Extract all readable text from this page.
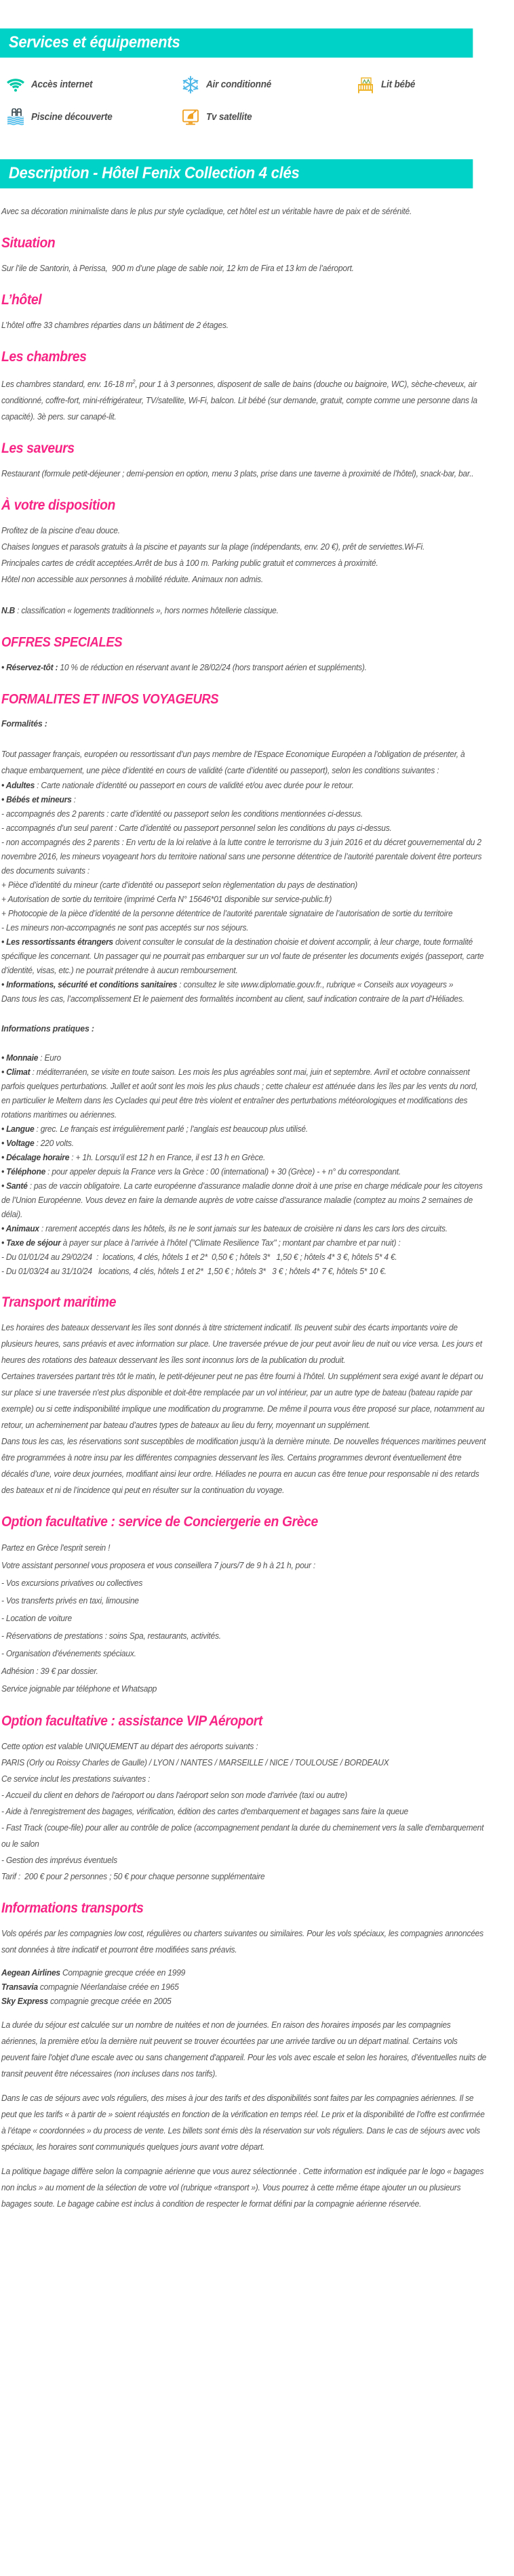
Services et équipements
Accès internet	Air conditionné	Lit bébé
Piscine découverte	Tv satellite
Description - Hôtel Fenix Collection 4 clés

Avec sa décoration minimaliste dans le plus pur style cycladique, cet hôtel est un véritable havre de paix et de sérénité.

Situation

Sur l’ile de Santorin, à Perissa,  900 m d’une plage de sable noir, 12 km de Fira et 13 km de l’aéroport.

L’hôtel

L’hôtel offre 33 chambres réparties dans un bâtiment de 2 étages.

Les chambres

Les chambres standard, env. 16-18 $m^2$, pour 1 à 3 personnes, disposent de salle de bains (douche ou baignoire, WC), sèche-cheveux, air conditionné, coffre-fort, mini-réfrigérateur, TV/satellite, Wi-Fi, balcon. Lit bébé (sur demande, gratuit, compte comme une personne dans la capacité). 3è pers. sur canapé-lit.

Les saveurs

Restaurant (formule petit-déjeuner ; demi-pension en option, menu 3 plats, prise dans une taverne à proximité de l’hôtel), snack-bar, bar..

À votre disposition

Profitez de la piscine d’eau douce.

Chaises longues et parasols gratuits à la piscine et payants sur la plage (indépendants, env. 20 €), prêt de serviettes.Wi-Fi.

Principales cartes de crédit acceptées.Arrêt de bus à 100 m. Parking public gratuit et commerces à proximité.

Hôtel non accessible aux personnes à mobilité réduite. Animaux non admis.

N.B : classification « logements traditionnels », hors normes hôtellerie classique.

OFFRES SPECIALES

• Réservez-tôt : 10 % de réduction en réservant avant le 28/02/24 (hors transport aérien et suppléments).

FORMALITES ET INFOS VOYAGEURS
Formalités :

Tout passager français, européen ou ressortissant d’un pays membre de l’Espace Economique Européen a l’obligation de présenter, à chaque embarquement, une pièce d’identité en cours de validité (carte d’identité ou passeport), selon les conditions suivantes :

• Adultes : Carte nationale d’identité ou passeport en cours de validité et/ou avec durée pour le retour.

• Bébés et mineurs :

- accompagnés des 2 parents : carte d’identité ou passeport selon les conditions mentionnées ci-dessus.

- accompagnés d’un seul parent : Carte d’identité ou passeport personnel selon les conditions du pays ci-dessus.

- non accompagnés des 2 parents : En vertu de la loi relative à la lutte contre le terrorisme du 3 juin 2016 et du décret gouvernemental du 2 novembre 2016, les mineurs voyageant hors du territoire national sans une personne détentrice de l’autorité parentale doivent être porteurs des documents suivants :

+ Pièce d’identité du mineur (carte d’identité ou passeport selon règlementation du pays de destination)

+ Autorisation de sortie du territoire (imprimé Cerfa N° 15646*01 disponible sur service-public.fr)

+ Photocopie de la pièce d’identité de la personne détentrice de l’autorité parentale signataire de l’autorisation de sortie du territoire

- Les mineurs non-accompagnés ne sont pas acceptés sur nos séjours.

• Les ressortissants étrangers doivent consulter le consulat de la destination choisie et doivent accomplir, à leur charge, toute formalité spécifique les concernant. Un passager qui ne pourrait pas embarquer sur un vol faute de présenter les documents exigés (passeport, carte d’identité, visas, etc.) ne pourrait prétendre à aucun remboursement.

• Informations, sécurité et conditions sanitaires : consultez le site www.diplomatie.gouv.fr., rubrique « Conseils aux voyageurs »

Dans tous les cas, l’accomplissement Et le paiement des formalités incombent au client, sauf indication contraire de la part d’Héliades.

Informations pratiques :

• Monnaie : Euro

• Climat : méditerranéen, se visite en toute saison. Les mois les plus agréables sont mai, juin et septembre. Avril et octobre connaissent parfois quelques perturbations. Juillet et août sont les mois les plus chauds ; cette chaleur est atténuée dans les îles par les vents du nord, en particulier le Meltem dans les Cyclades qui peut être très violent et entraîner des perturbations météorologiques et modifications des rotations maritimes ou aériennes.

• Langue : grec. Le français est irrégulièrement parlé ; l’anglais est beaucoup plus utilisé.

• Voltage : 220 volts.

• Décalage horaire : + 1h. Lorsqu’il est 12 h en France, il est 13 h en Grèce.

• Téléphone : pour appeler depuis la France vers la Grèce : 00 (international) + 30 (Grèce) - + n° du correspondant.

• Santé : pas de vaccin obligatoire. La carte européenne d’assurance maladie donne droit à une prise en charge médicale pour les citoyens de l’Union Européenne. Vous devez en faire la demande auprès de votre caisse d’assurance maladie (comptez au moins 2 semaines de délai).

• Animaux : rarement acceptés dans les hôtels, ils ne le sont jamais sur les bateaux de croisière ni dans les cars lors des circuits.

• Taxe de séjour à payer sur place à l’arrivée à l’hôtel ("Climate Resilience Tax" ; montant par chambre et par nuit) :

- Du 01/01/24 au 29/02/24  :  locations, 4 clés, hôtels 1 et 2*  0,50 € ; hôtels 3*   1,50 € ; hôtels 4* 3 €, hôtels 5* 4 €.

- Du 01/03/24 au 31/10/24   locations, 4 clés, hôtels 1 et 2*  1,50 € ; hôtels 3*   3 € ; hôtels 4* 7 €, hôtels 5* 10 €.

Transport maritime

Les horaires des bateaux desservant les îles sont donnés à titre strictement indicatif. Ils peuvent subir des écarts importants voire de plusieurs heures, sans préavis et avec information sur place. Une traversée prévue de jour peut avoir lieu de nuit ou vice versa. Les jours et heures des rotations des bateaux desservant les îles sont inconnus lors de la publication du produit.

Certaines traversées partant très tôt le matin, le petit-déjeuner peut ne pas être fourni à l’hôtel. Un supplément sera exigé avant le départ ou sur place si une traversée n'est plus disponible et doit-être remplacée par un vol intérieur, par un autre type de bateau (bateau rapide par exemple) ou si cette indisponibilité implique une modification du programme. De même il pourra vous être proposé sur place, notamment au retour, un acheminement par bateau d’autres types de bateaux au lieu du ferry, moyennant un supplément.

Dans tous les cas, les réservations sont susceptibles de modification jusqu’à la dernière minute. De nouvelles fréquences maritimes peuvent être programmées à notre insu par les différentes compagnies desservant les îles. Certains programmes devront éventuellement être décalés d’une, voire deux journées, modifiant ainsi leur ordre. Héliades ne pourra en aucun cas être tenue pour responsable ni des retards des bateaux et ni de l’incidence qui peut en résulter sur la continuation du voyage.

Option facultative : service de Conciergerie en Grèce

Partez en Grèce l'esprit serein !

Votre assistant personnel vous proposera et vous conseillera 7 jours/7 de 9 h à 21 h, pour :

- Vos excursions privatives ou collectives

- Vos transferts privés en taxi, limousine

- Location de voiture

- Réservations de prestations : soins Spa, restaurants, activités.

- Organisation d'événements spéciaux.

Adhésion : 39 € par dossier.

Service joignable par téléphone et Whatsapp

Option facultative : assistance VIP Aéroport

Cette option est valable UNIQUEMENT au départ des aéroports suivants :

PARIS (Orly ou Roissy Charles de Gaulle) / LYON / NANTES / MARSEILLE / NICE / TOULOUSE / BORDEAUX

Ce service inclut les prestations suivantes :

- Accueil du client en dehors de l'aéroport ou dans l'aéroport selon son mode d'arrivée (taxi ou autre)

- Aide à l'enregistrement des bagages, vérification, édition des cartes d'embarquement et bagages sans faire la queue

- Fast Track (coupe-file) pour aller au contrôle de police (accompagnement pendant la durée du cheminement vers la salle d'embarquement ou le salon

- Gestion des imprévus éventuels

Tarif :  200 € pour 2 personnes ; 50 € pour chaque personne supplémentaire

Informations transports

Vols opérés par les compagnies low cost, régulières ou charters suivantes ou similaires. Pour les vols spéciaux, les compagnies annoncées sont données à titre indicatif et pourront être modifiées sans préavis.

Aegean Airlines Compagnie grecque créée en 1999

Transavia compagnie Néerlandaise créée en 1965

Sky Express compagnie grecque créée en 2005

La durée du séjour est calculée sur un nombre de nuitées et non de journées. En raison des horaires imposés par les compagnies aériennes, la première et/ou la dernière nuit peuvent se trouver écourtées par une arrivée tardive ou un départ matinal. Certains vols peuvent faire l'objet d'une escale avec ou sans changement d'appareil. Pour les vols avec escale et selon les horaires, d’éventuelles nuits de transit peuvent être nécessaires (non incluses dans nos tarifs).

Dans le cas de séjours avec vols réguliers, des mises à jour des tarifs et des disponibilités sont faites par les compagnies aériennes. Il se peut que les tarifs « à partir de » soient réajustés en fonction de la vérification en temps réel. Le prix et la disponibilité de l’offre est confirmée à l’étape « coordonnées » du process de vente. Les billets sont émis dès la réservation sur vols réguliers. Dans le cas de séjours avec vols spéciaux, les horaires sont communiqués quelques jours avant votre départ.

La politique bagage diffère selon la compagnie aérienne que vous aurez sélectionnée . Cette information est indiquée par le logo « bagages non inclus » au moment de la sélection de votre vol (rubrique «transport »). Vous pourrez à cette même étape ajouter un ou plusieurs bagages soute. Le bagage cabine est inclus à condition de respecter le format défini par la compagnie aérienne réservée.
